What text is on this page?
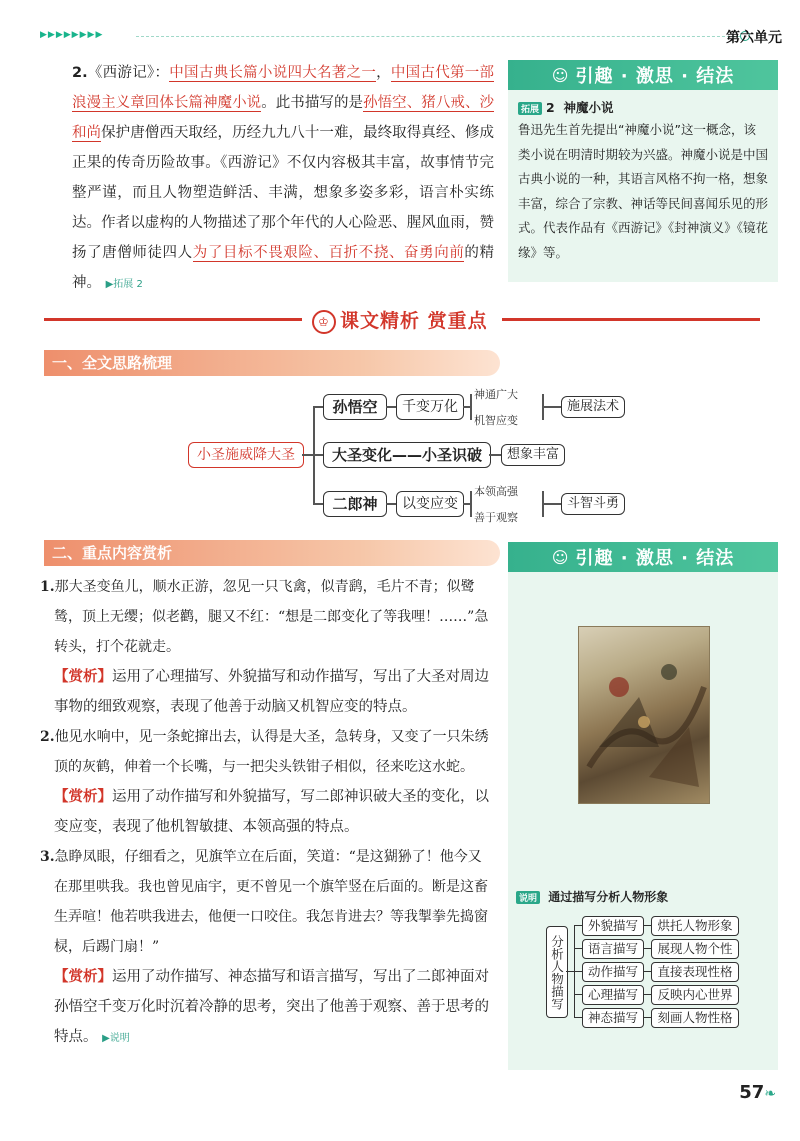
▶▶▶▶▶▶▶▶	第六单元
2.《西游记》：中国古典长篇小说四大名著之一，中国古代第一部浪漫主义章回体长篇神魔小说。此书描写的是孙悟空、猪八戒、沙和尚保护唐僧西天取经，历经九九八十一难，最终取得真经、修成正果的传奇历险故事。《西游记》不仅内容极其丰富，故事情节完整严谨，而且人物塑造鲜活、丰满，想象多姿多彩，语言朴实练达。作者以虚构的人物描述了那个年代的人心险恶、腥风血雨，赞扬了唐僧师徒四人为了目标不畏艰险、百折不挠、奋勇向前的精神。 ▶拓展 2
☺ 引趣 · 激思 · 结法
拓展 2 神魔小说
鲁迅先生首先提出“神魔小说”这一概念，该类小说在明清时期较为兴盛。神魔小说是中国古典小说的一种，其语言风格不拘一格，想象丰富，综合了宗教、神话等民间喜闻乐见的形式。代表作品有《西游记》《封神演义》《镜花缘》等。
♔ 课文精析 赏重点
一、全文思路梳理
小圣施威降大圣
孙悟空	千变万化
神通广大
机智应变
施展法术
大圣变化——小圣识破	想象丰富
二郎神	以变应变
本领高强
善于观察
斗智斗勇
二、重点内容赏析
1.那大圣变鱼儿，顺水正游，忽见一只飞禽，似青鹞，毛片不青；似鹭鸶，顶上无缨；似老鹳，腿又不红：“想是二郎变化了等我哩！……”急转头，打个花就走。
【赏析】运用了心理描写、外貌描写和动作描写，写出了大圣对周边事物的细致观察，表现了他善于动脑又机智应变的特点。
2.他见水响中，见一条蛇撺出去，认得是大圣，急转身，又变了一只朱绣顶的灰鹤，伸着一个长嘴，与一把尖头铁钳子相似，径来吃这水蛇。
【赏析】运用了动作描写和外貌描写，写二郎神识破大圣的变化，以变应变，表现了他机智敏捷、本领高强的特点。
3.急睁凤眼，仔细看之，见旗竿立在后面，笑道：“是这猢狲了！他今又在那里哄我。我也曾见庙宇，更不曾见一个旗竿竖在后面的。断是这畜生弄喧！他若哄我进去，他便一口咬住。我怎肯进去？等我掣拳先捣窗棂，后踢门扇！”
【赏析】运用了动作描写、神态描写和语言描写，写出了二郎神面对孙悟空千变万化时沉着冷静的思考，突出了他善于观察、善于思考的特点。 ▶说明
☺ 引趣 · 激思 · 结法
说明 通过描写分析人物形象
分析人物描写
外貌描写	烘托人物形象
语言描写	展现人物个性
动作描写	直接表现性格
心理描写	反映内心世界
神态描写	刻画人物性格
57❧
